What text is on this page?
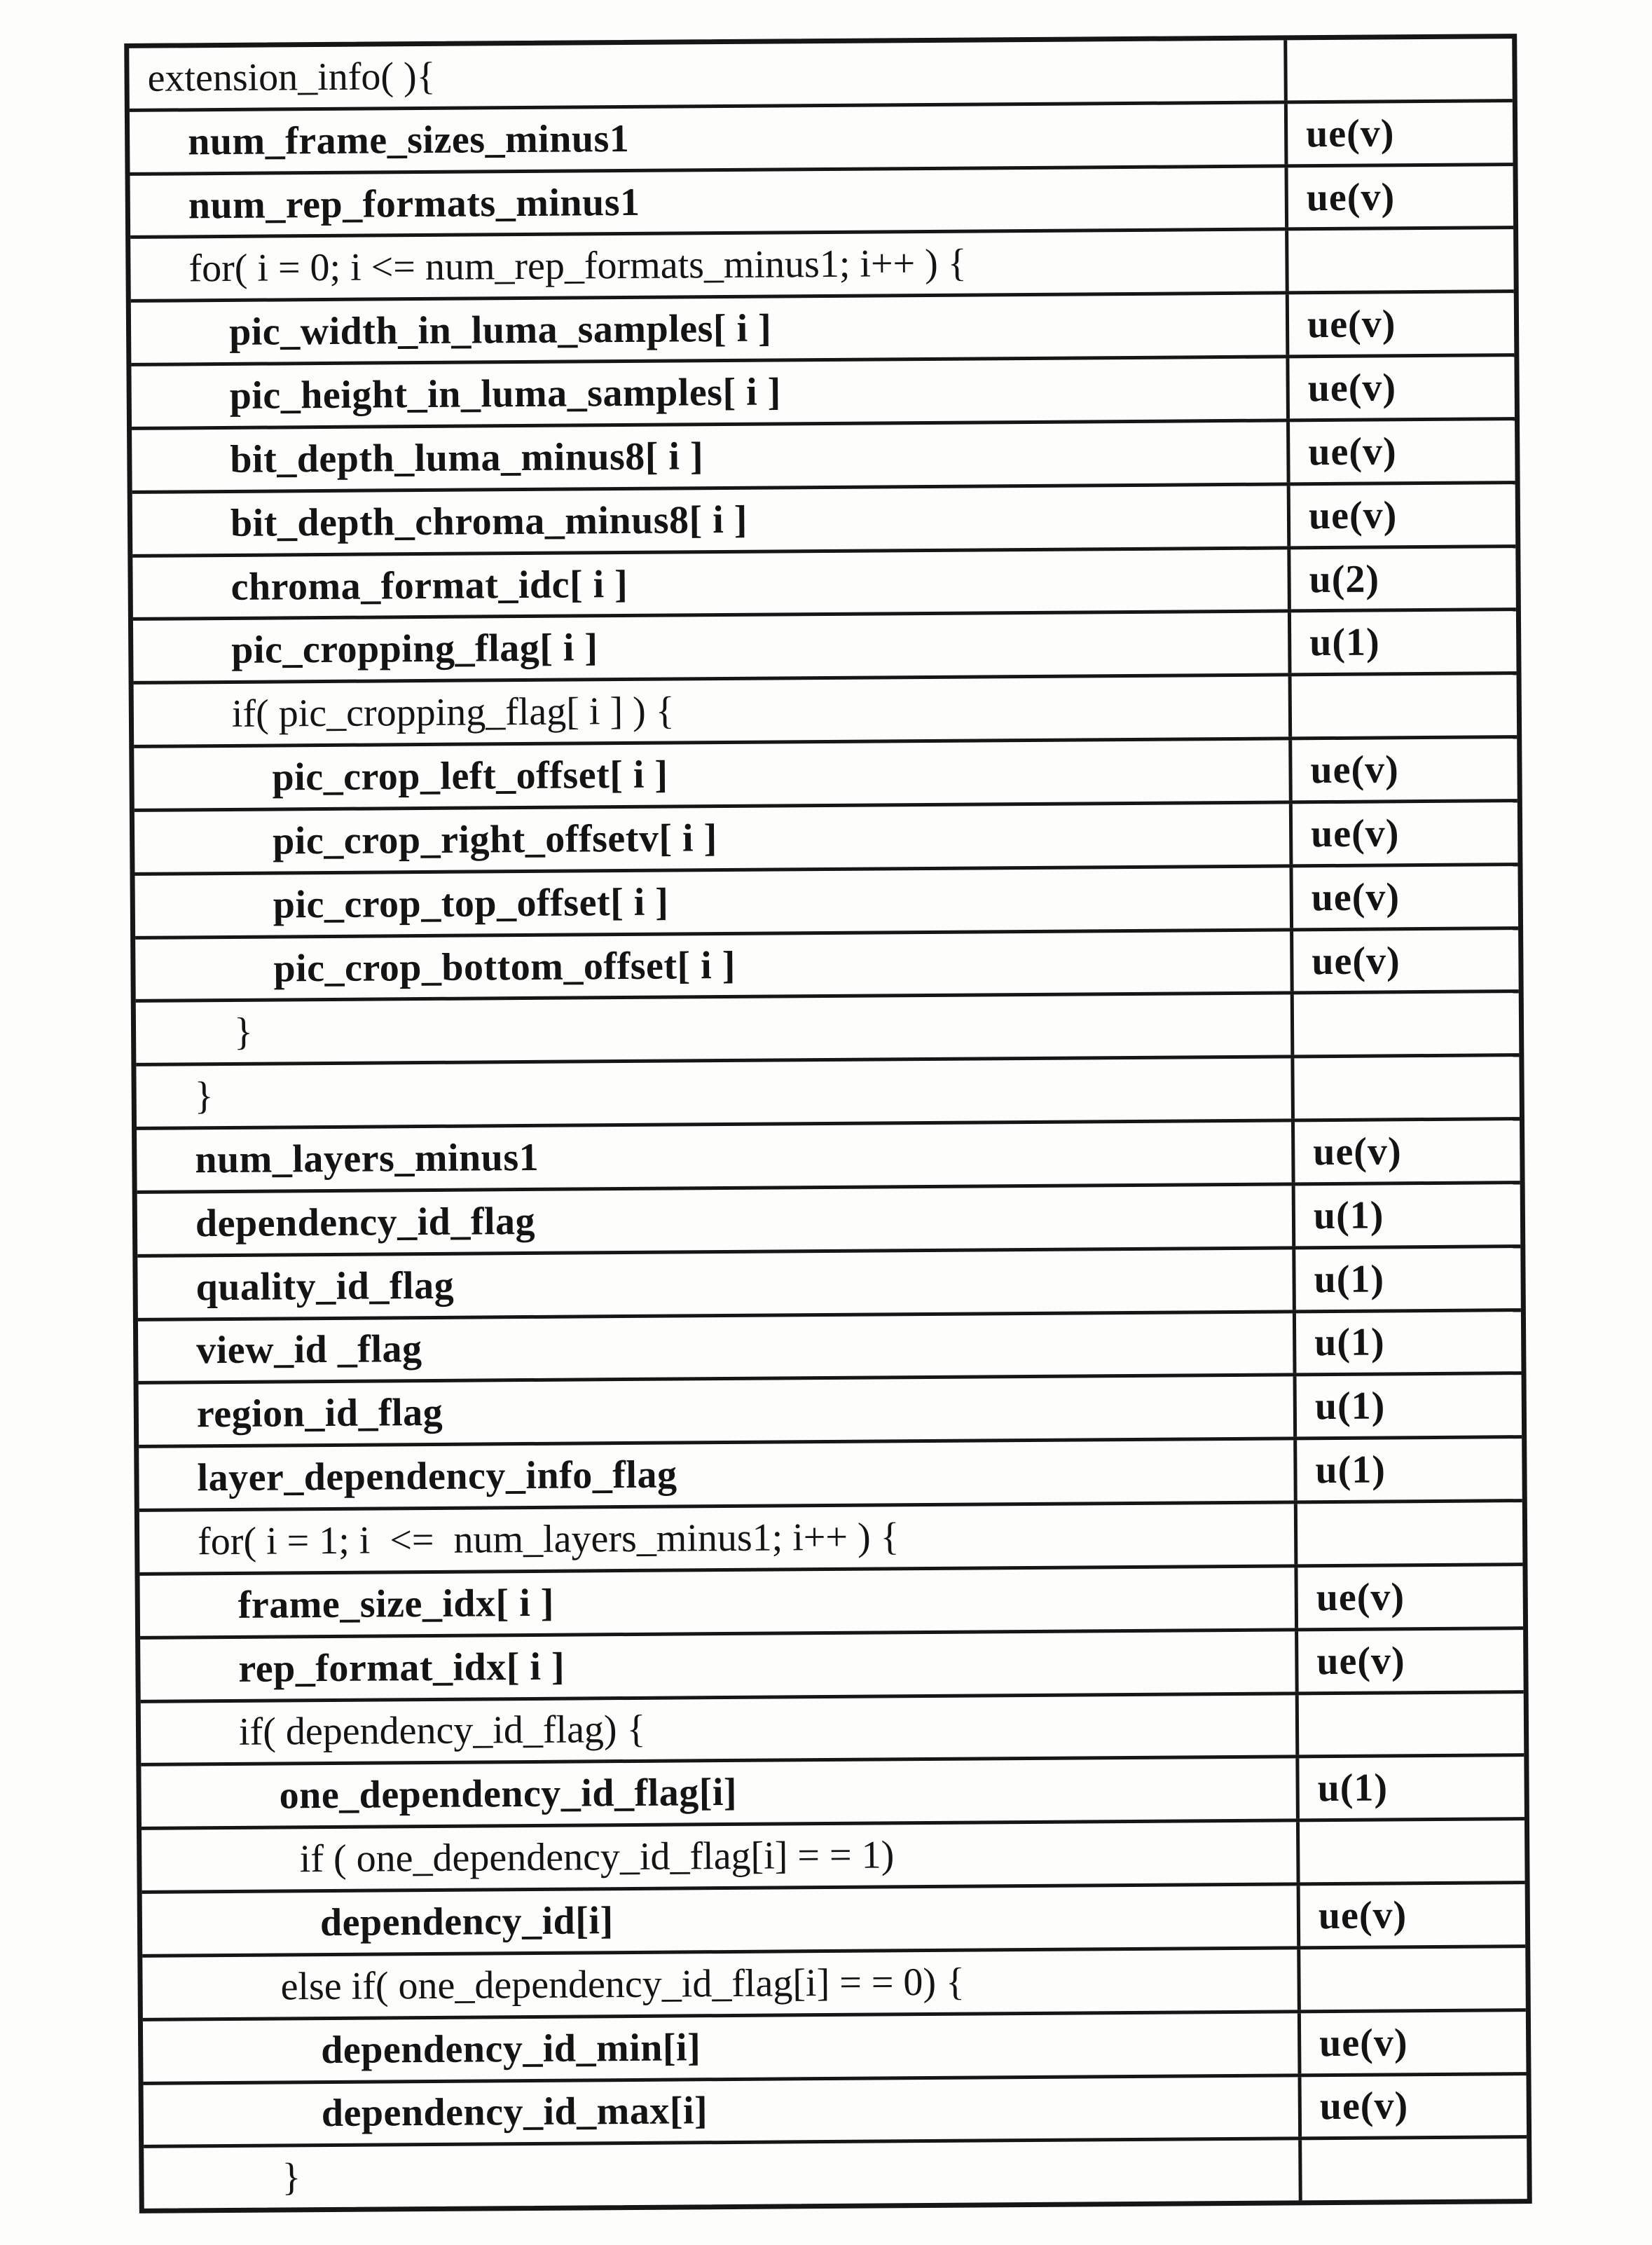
extension_info( ){
num_frame_sizes_minus1	ue(v)
num_rep_formats_minus1	ue(v)
for( i = 0; i <= num_rep_formats_minus1; i++ ) {
pic_width_in_luma_samples[ i ]	ue(v)
pic_height_in_luma_samples[ i ]	ue(v)
bit_depth_luma_minus8[ i ]	ue(v)
bit_depth_chroma_minus8[ i ]	ue(v)
chroma_format_idc[ i ]	u(2)
pic_cropping_flag[ i ]	u(1)
if( pic_cropping_flag[ i ] ) {
pic_crop_left_offset[ i ]	ue(v)
pic_crop_right_offsetv[ i ]	ue(v)
pic_crop_top_offset[ i ]	ue(v)
pic_crop_bottom_offset[ i ]	ue(v)
}
}
num_layers_minus1	ue(v)
dependency_id_flag	u(1)
quality_id_flag	u(1)
view_id _flag	u(1)
region_id_flag	u(1)
layer_dependency_info_flag	u(1)
for( i = 1; i  <=  num_layers_minus1; i++ ) {
frame_size_idx[ i ]	ue(v)
rep_format_idx[ i ]	ue(v)
if( dependency_id_flag) {
one_dependency_id_flag[i]	u(1)
if ( one_dependency_id_flag[i] = = 1)
dependency_id[i]	ue(v)
else if( one_dependency_id_flag[i] = = 0) {
dependency_id_min[i]	ue(v)
dependency_id_max[i]	ue(v)
}
